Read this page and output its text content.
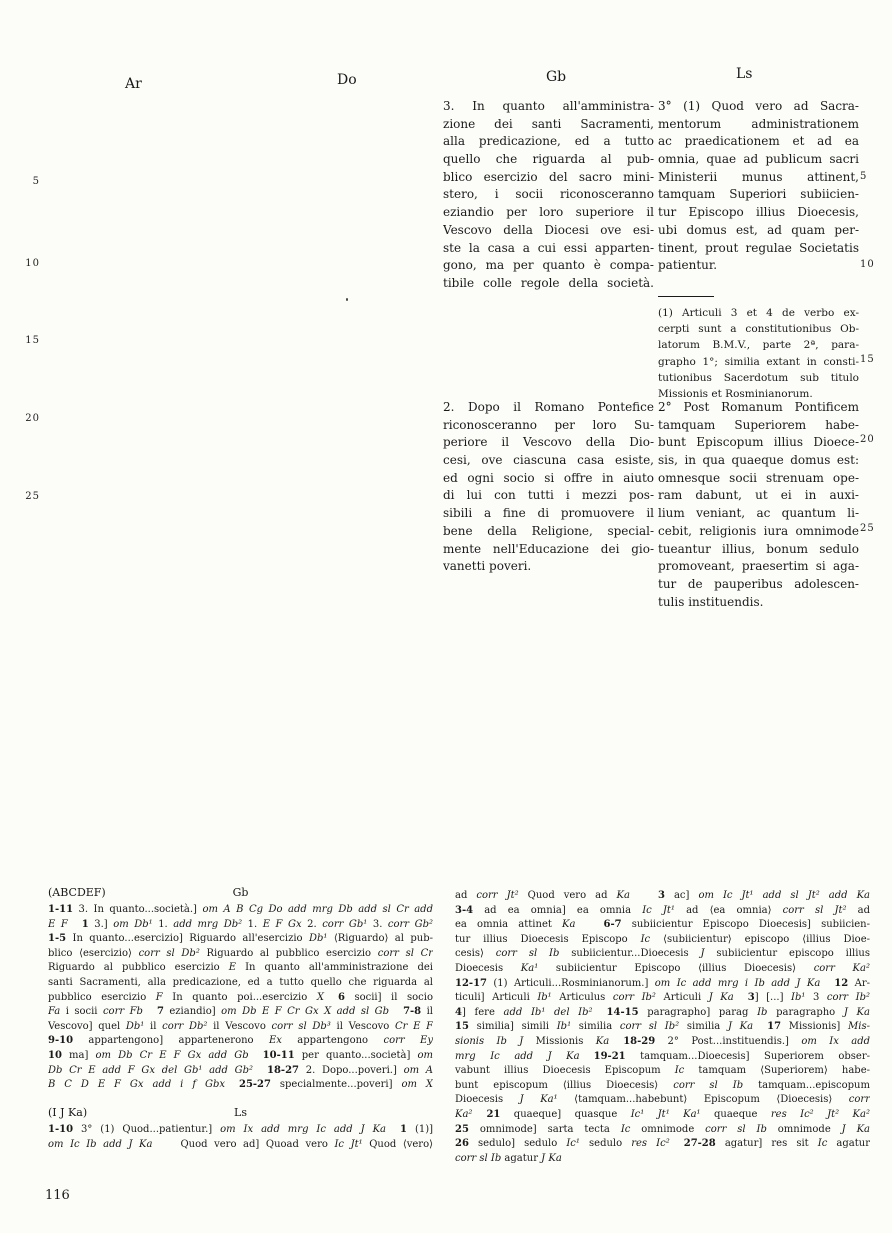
Ar	Do	Gb	Ls
5
10
15
20
25
5
10
15
20
25
3. In quanto all'amministra-
zione dei santi Sacramenti,
alla predicazione, ed a tutto
quello che riguarda al pub-
blico esercizio del sacro mini-
stero, i socii riconosceranno
eziandio per loro superiore il
Vescovo della Diocesi ove esi-
ste la casa a cui essi apparten-
gono, ma per quanto è compa-
tibile colle regole della società.
2. Dopo il Romano Pontefice
riconosceranno per loro Su-
periore il Vescovo della Dio-
cesi, ove ciascuna casa esiste,
ed ogni socio si offre in aiuto
di lui con tutti i mezzi pos-
sibili a fine di promuovere il
bene della Religione, special-
mente nell'Educazione dei gio-
vanetti poveri.
3° (1) Quod vero ad Sacra-
mentorum administrationem
ac praedicationem et ad ea
omnia, quae ad publicum sacri
Ministerii munus attinent,
tamquam Superiori subiicien-
tur Episcopo illius Dioecesis,
ubi domus est, ad quam per-
tinent, prout regulae Societatis
patientur.
(1) Articuli 3 et 4 de verbo ex-
cerpti sunt a constitutionibus Ob-
latorum B.M.V., parte 2ª, para-
grapho 1°; similia extant in consti-
tutionibus Sacerdotum sub titulo
Missionis et Rosminianorum.
2° Post Romanum Pontificem
tamquam Superiorem habe-
bunt Episcopum illius Dioece-
sis, in qua quaeque domus est:
omnesque socii strenuam ope-
ram dabunt, ut ei in auxi-
lium veniant, ac quantum li-
cebit, religionis iura omnimode
tueantur illius, bonum sedulo
promoveant, praesertim si aga-
tur de pauperibus adolescen-
tulis instituendis.
(ABCDEF)	Gb
1-11 3. In quanto...società.] om A B Cg Do add mrg Db add sl Cr add
E F 1 3.] om Db¹ 1. add mrg Db² 1. E F Gx 2. corr Gb¹ 3. corr Gb²
1-5 In quanto...esercizio] Riguardo all'esercizio Db¹ ⟨Riguardo⟩ al pub-
blico ⟨esercizio⟩ corr sl Db² Riguardo al pubblico esercizio corr sl Cr
Riguardo al pubblico esercizio E In quanto all'amministrazione dei
santi Sacramenti, alla predicazione, ed a tutto quello che riguarda al
pubblico esercizio F In quanto poi...esercizio X 6 socii] il socio
Fa i socii corr Fb 7 eziandio] om Db E F Cr Gx X add sl Gb 7-8 il
Vescovo] quel Db¹ il corr Db² il Vescovo corr sl Db³ il Vescovo Cr E F
9-10 appartengono] appartenerono Ex appartengono corr Ey
10 ma] om Db Cr E F Gx add Gb 10-11 per quanto...società] om
Db Cr E add F Gx del Gb¹ add Gb² 18-27 2. Dopo...poveri.] om A
B C D E F Gx add i f Gbx 25-27 specialmente...poveri] om X
(I J Ka)	Ls
1-10 3° (1) Quod...patientur.] om Ix add mrg Ic add J Ka 1 (1)]
om Ic Ib add J Ka	Quod vero ad] Quoad vero Ic Jt¹ Quod ⟨vero⟩
ad corr Jt² Quod vero ad Ka	3 ac] om Ic Jt¹ add sl Jt² add Ka
3-4 ad ea omnia] ea omnia Ic Jt¹ ad ⟨ea omnia⟩ corr sl Jt² ad
ea omnia attinet Ka	6-7 subiicientur Episcopo Dioecesis] subiicien-
tur illius Dioecesis Episcopo Ic ⟨subiicientur⟩ episcopo ⟨illius Dioe-
cesis⟩ corr sl Ib subiicientur...Dioecesis J subiicientur episcopo illius
Dioecesis Ka¹ subiicientur Episcopo ⟨illius Dioecesis⟩ corr Ka²
12-17 (1) Articuli...Rosminianorum.] om Ic add mrg i Ib add J Ka 12 Ar-
ticuli] Articuli Ib¹ Articulus corr Ib² Articuli J Ka 3] [...] Ib¹ 3 corr Ib²
4] fere add Ib¹ del Ib² 14-15 paragrapho] parag Ib paragrapho J Ka
15 similia] simili Ib¹ similia corr sl Ib² similia J Ka 17 Missionis] Mis-
sionis Ib J Missionis Ka 18-29 2° Post...instituendis.] om Ix add
mrg Ic add J Ka 19-21 tamquam...Dioecesis] Superiorem obser-
vabunt illius Dioecesis Episcopum Ic tamquam ⟨Superiorem⟩ habe-
bunt episcopum ⟨illius Dioecesis⟩ corr sl Ib tamquam...episcopum
Dioecesis J Ka¹ ⟨tamquam...habebunt⟩ Episcopum ⟨Dioecesis⟩ corr
Ka² 21 quaeque] quasque Ic¹ Jt¹ Ka¹ quaeque res Ic² Jt² Ka²
25 omnimode] sarta tecta Ic omnimode corr sl Ib omnimode J Ka
26 sedulo] sedulo Ic¹ sedulo res Ic² 27-28 agatur] res sit Ic agatur
corr sl Ib agatur J Ka
116
